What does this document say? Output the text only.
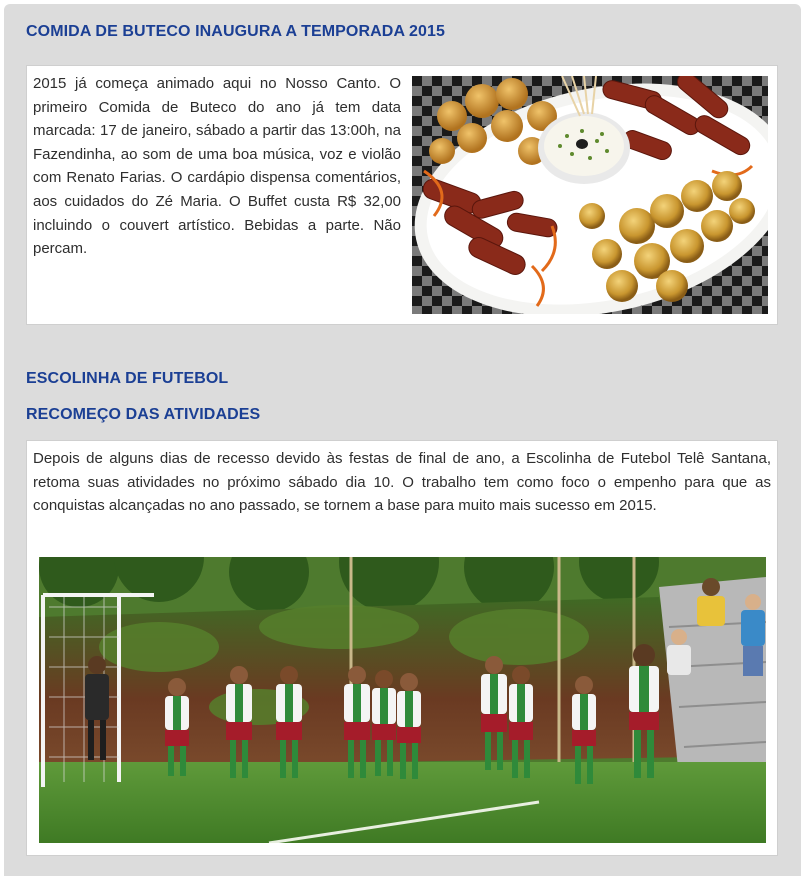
COMIDA DE BUTECO INAUGURA A TEMPORADA 2015
2015 já começa animado aqui no Nosso Canto. O primeiro Comida de Buteco do ano já tem data marcada: 17 de janeiro, sábado a partir das 13:00h, na Fazendinha, ao som de uma boa música, voz e violão com Renato Farias. O cardápio dispensa comentários, aos cuidados do Zé Maria. O Buffet custa R$ 32,00 incluindo o couvert artístico. Bebidas a parte. Não percam.
ESCOLINHA DE FUTEBOL
RECOMEÇO DAS ATIVIDADES
Depois de alguns dias de recesso devido às festas de final de ano, a Escolinha de Futebol Telê Santana, retoma suas atividades no próximo sábado dia 10. O trabalho tem como foco o empenho para que as conquistas alcançadas no ano passado, se tornem a base para muito mais sucesso em 2015.
